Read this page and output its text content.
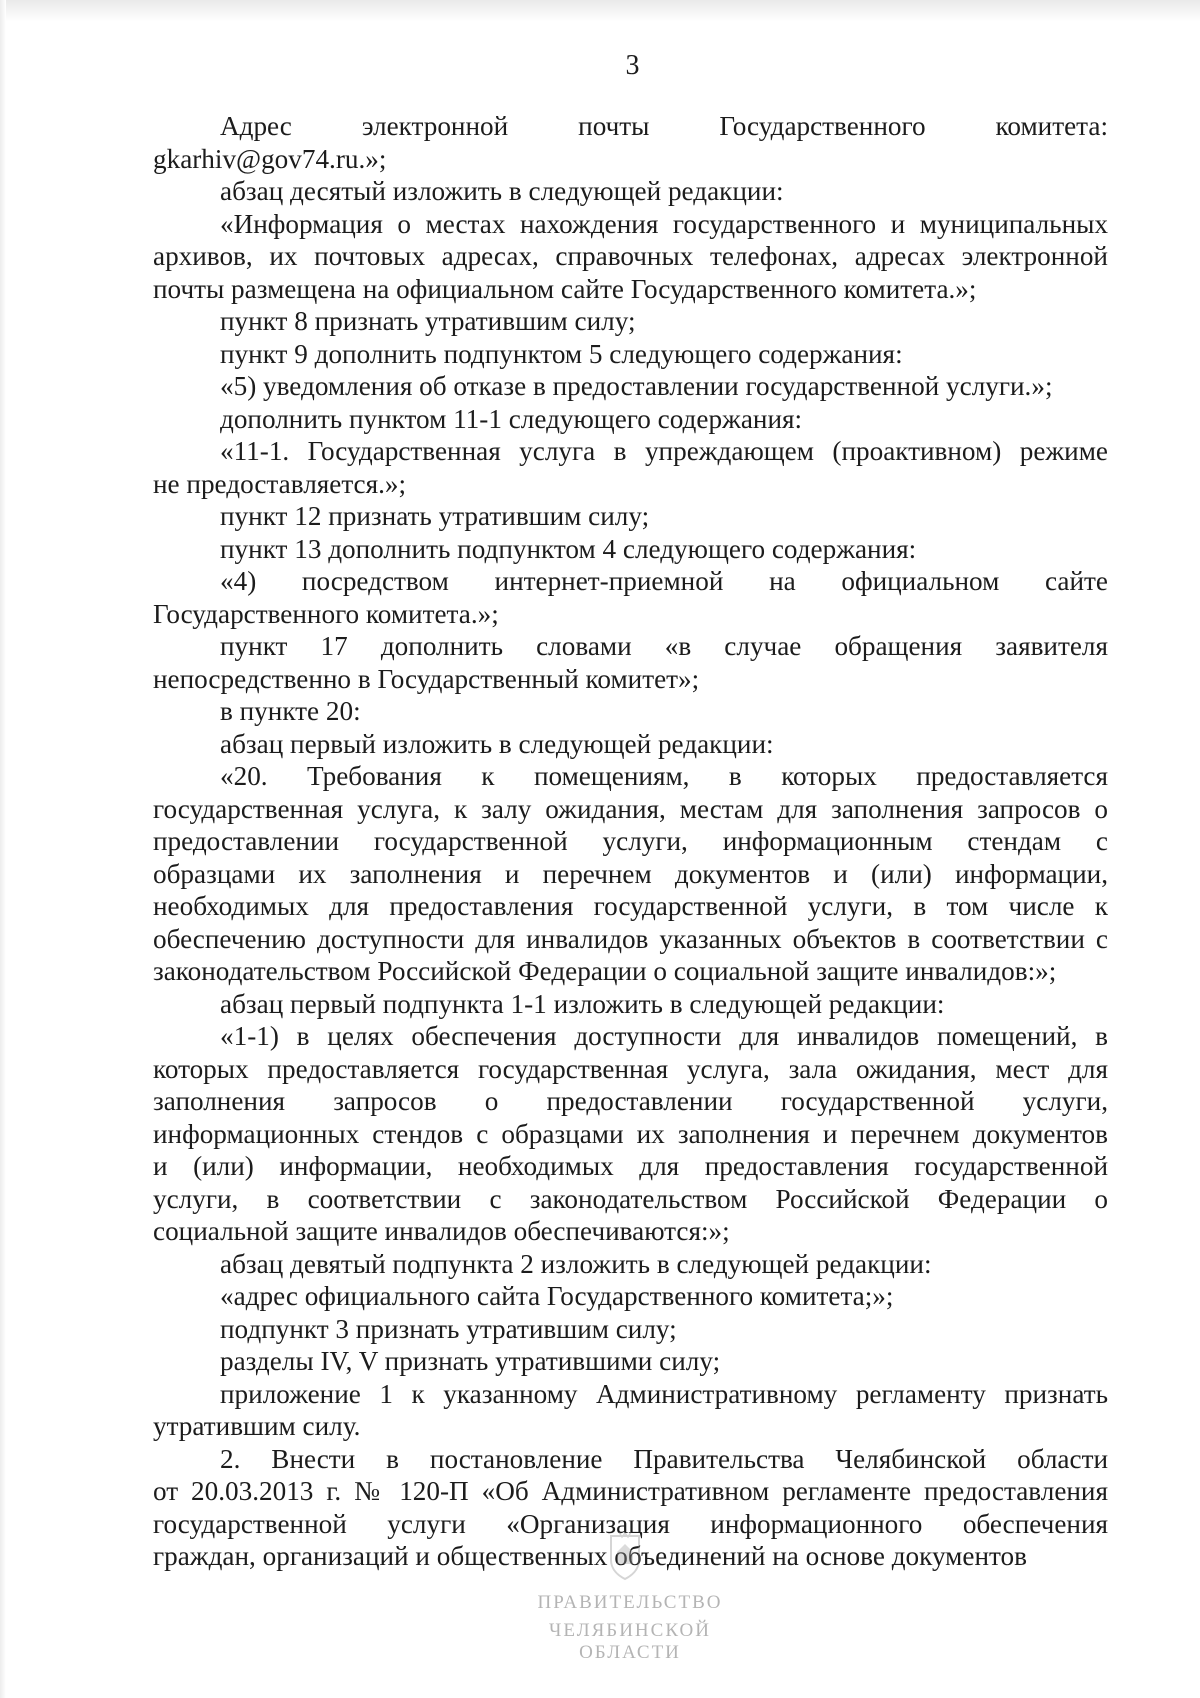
3

Адрес электронной почты Государственного комитета:

gkarhiv@gov74.ru.»;

абзац десятый изложить в следующей редакции:

«Информация о местах нахождения государственного и муниципальных

архивов, их почтовых адресах, справочных телефонах, адресах электронной

почты размещена на официальном сайте Государственного комитета.»;

пункт 8 признать утратившим силу;

пункт 9 дополнить подпунктом 5 следующего содержания:

«5) уведомления об отказе в предоставлении государственной услуги.»;

дополнить пунктом 11-1 следующего содержания:

«11-1. Государственная услуга в упреждающем (проактивном) режиме

не предоставляется.»;

пункт 12 признать утратившим силу;

пункт 13 дополнить подпунктом 4 следующего содержания:

«4) посредством интернет-приемной на официальном сайте

Государственного комитета.»;

пункт 17 дополнить словами «в случае обращения заявителя

непосредственно в Государственный комитет»;

в пункте 20:

абзац первый изложить в следующей редакции:

«20. Требования к помещениям, в которых предоставляется

государственная услуга, к залу ожидания, местам для заполнения запросов о

предоставлении государственной услуги, информационным стендам с

образцами их заполнения и перечнем документов и (или) информации,

необходимых для предоставления государственной услуги, в том числе к

обеспечению доступности для инвалидов указанных объектов в соответствии с

законодательством Российской Федерации о социальной защите инвалидов:»;

абзац первый подпункта 1-1 изложить в следующей редакции:

«1-1) в целях обеспечения доступности для инвалидов помещений, в

которых предоставляется государственная услуга, зала ожидания, мест для

заполнения запросов о предоставлении государственной услуги,

информационных стендов с образцами их заполнения и перечнем документов

и (или) информации, необходимых для предоставления государственной

услуги, в соответствии с законодательством Российской Федерации о

социальной защите инвалидов обеспечиваются:»;

абзац девятый подпункта 2 изложить в следующей редакции:

«адрес официального сайта Государственного комитета;»;

подпункт 3 признать утратившим силу;

разделы IV, V признать утратившими силу;

приложение 1 к указанному Административному регламенту признать

утратившим силу.

2. Внести в постановление Правительства Челябинской области

от 20.03.2013 г. № 120-П «Об Административном регламенте предоставления

государственной услуги «Организация информационного обеспечения

граждан, организаций и общественных объединений на основе документов

ПРАВИТЕЛЬСТВО
ЧЕЛЯБИНСКОЙ ОБЛАСТИ
